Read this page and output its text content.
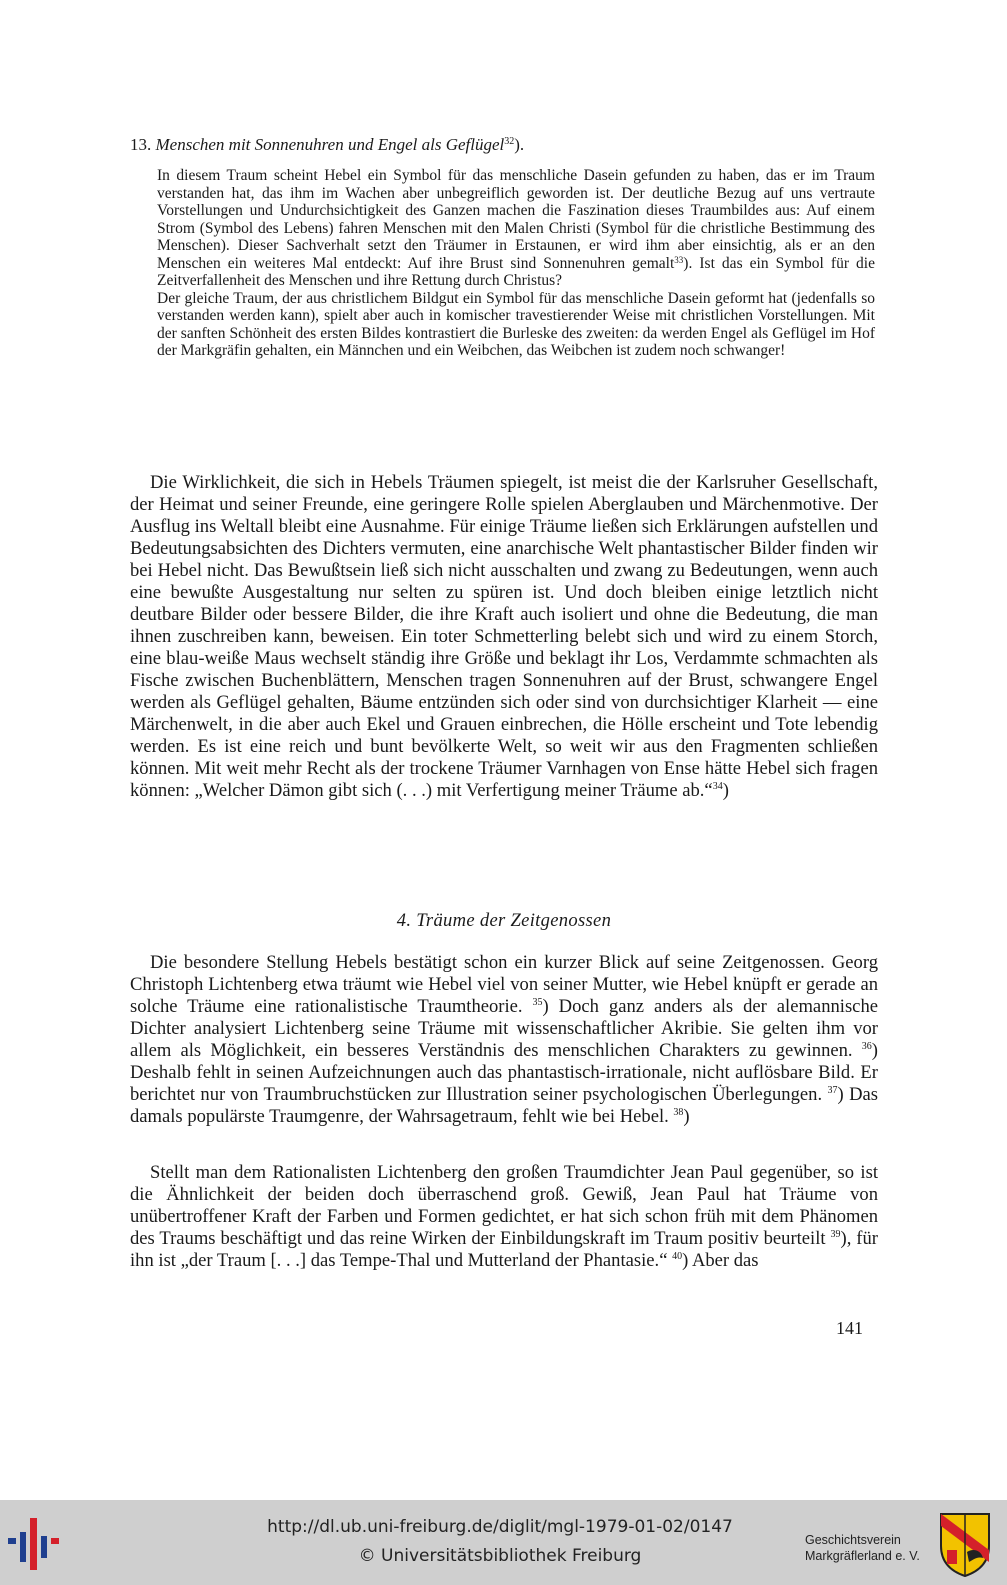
13. Menschen mit Sonnenuhren und Engel als Geflügel$^{32}$).

In diesem Traum scheint Hebel ein Symbol für das menschliche Dasein gefunden zu haben, das er im Traum verstanden hat, das ihm im Wachen aber unbegreiflich geworden ist. Der deutliche Bezug auf uns vertraute Vorstellungen und Undurchsichtigkeit des Ganzen machen die Faszination dieses Traumbildes aus: Auf einem Strom (Symbol des Lebens) fahren Menschen mit den Malen Christi (Symbol für die christliche Bestimmung des Menschen). Dieser Sachverhalt setzt den Träumer in Erstaunen, er wird ihm aber einsichtig, als er an den Menschen ein weiteres Mal entdeckt: Auf ihre Brust sind Sonnenuhren gemalt$^{33}$). Ist das ein Symbol für die Zeitverfallenheit des Menschen und ihre Rettung durch Christus?

Der gleiche Traum, der aus christlichem Bildgut ein Symbol für das menschliche Dasein geformt hat (jedenfalls so verstanden werden kann), spielt aber auch in komischer travestierender Weise mit christlichen Vorstellungen. Mit der sanften Schönheit des ersten Bildes kontrastiert die Burleske des zweiten: da werden Engel als Geflügel im Hof der Markgräfin gehalten, ein Männchen und ein Weibchen, das Weibchen ist zudem noch schwanger!

Die Wirklichkeit, die sich in Hebels Träumen spiegelt, ist meist die der Karlsruher Gesellschaft, der Heimat und seiner Freunde, eine geringere Rolle spielen Aberglauben und Märchenmotive. Der Ausflug ins Weltall bleibt eine Ausnahme. Für einige Träume ließen sich Erklärungen aufstellen und Bedeutungsabsichten des Dichters vermuten, eine anarchische Welt phantastischer Bilder finden wir bei Hebel nicht. Das Bewußtsein ließ sich nicht ausschalten und zwang zu Bedeutungen, wenn auch eine bewußte Ausgestaltung nur selten zu spüren ist. Und doch bleiben einige letztlich nicht deutbare Bilder oder bessere Bilder, die ihre Kraft auch isoliert und ohne die Bedeutung, die man ihnen zuschreiben kann, beweisen. Ein toter Schmetterling belebt sich und wird zu einem Storch, eine blau-weiße Maus wechselt ständig ihre Größe und beklagt ihr Los, Verdammte schmachten als Fische zwischen Buchenblättern, Menschen tragen Sonnenuhren auf der Brust, schwangere Engel werden als Geflügel gehalten, Bäume entzünden sich oder sind von durchsichtiger Klarheit — eine Märchenwelt, in die aber auch Ekel und Grauen einbrechen, die Hölle erscheint und Tote lebendig werden. Es ist eine reich und bunt bevölkerte Welt, so weit wir aus den Fragmenten schließen können. Mit weit mehr Recht als der trockene Träumer Varnhagen von Ense hätte Hebel sich fragen können: „Welcher Dämon gibt sich (. . .) mit Verfertigung meiner Träume ab.“$^{34}$)

4. Träume der Zeitgenossen

Die besondere Stellung Hebels bestätigt schon ein kurzer Blick auf seine Zeitgenossen. Georg Christoph Lichtenberg etwa träumt wie Hebel viel von seiner Mutter, wie Hebel knüpft er gerade an solche Träume eine rationalistische Traumtheorie. $^{35}$) Doch ganz anders als der alemannische Dichter analysiert Lichtenberg seine Träume mit wissenschaftlicher Akribie. Sie gelten ihm vor allem als Möglichkeit, ein besseres Verständnis des menschlichen Charakters zu gewinnen. $^{36}$) Deshalb fehlt in seinen Aufzeichnungen auch das phantastisch-irrationale, nicht auflösbare Bild. Er berichtet nur von Traumbruchstücken zur Illustration seiner psychologischen Überlegungen. $^{37}$) Das damals populärste Traumgenre, der Wahrsagetraum, fehlt wie bei Hebel. $^{38}$)

Stellt man dem Rationalisten Lichtenberg den großen Traumdichter Jean Paul gegenüber, so ist die Ähnlichkeit der beiden doch überraschend groß. Gewiß, Jean Paul hat Träume von unübertroffener Kraft der Farben und Formen gedichtet, er hat sich schon früh mit dem Phänomen des Traums beschäftigt und das reine Wirken der Einbildungskraft im Traum positiv beurteilt $^{39}$), für ihn ist „der Traum [. . .] das Tempe-Thal und Mutterland der Phantasie.“ $^{40}$) Aber das

141
http://dl.ub.uni-freiburg.de/diglit/mgl-1979-01-02/0147
© Universitätsbibliothek Freiburg
Geschichtsverein
Markgräflerland e. V.
